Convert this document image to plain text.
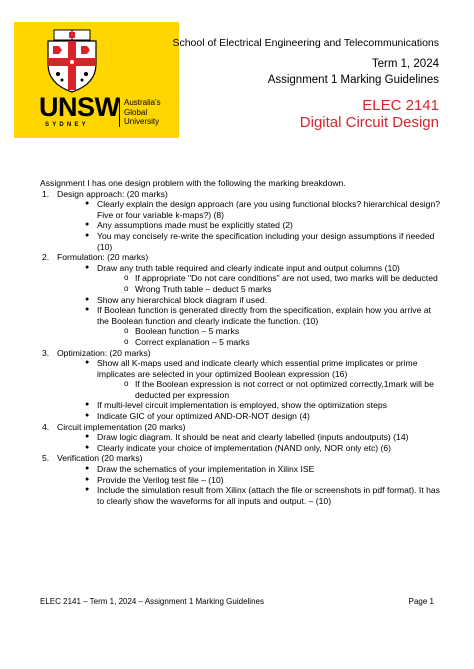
UNSW
SYDNEY
Australia's
Global
University
School of Electrical Engineering and Telecommunications
Term 1, 2024
Assignment 1 Marking Guidelines
ELEC 2141
Digital Circuit Design
Assignment I has one design problem with the following the marking breakdown.
1. Design approach: (20 marks)
● Clearly explain the design approach (are you using functional blocks? hierarchical design? Five or four variable k-maps?) (8)
● Any assumptions made must be explicitly stated (2)
● You may concisely re-write the specification including your design assumptions if needed (10)
2. Formulation: (20 marks)
● Draw any truth table required and clearly indicate input and output columns (10)
o If appropriate "Do not care conditions" are not used, two marks will be deducted
o Wrong Truth table – deduct 5 marks
● Show any hierarchical block diagram if used.
● If Boolean function is generated directly from the specification, explain how you arrive at the Boolean function and clearly indicate the function. (10)
o Boolean function – 5 marks
o Correct explanation – 5 marks
3. Optimization: (20 marks)
● Show all K-maps used and indicate clearly which essential prime implicates or prime implicates are selected in your optimized Boolean expression (16)
o If the Boolean expression is not correct or not optimized correctly,1mark will be deducted per expression
● If multi-level circuit implementation is employed, show the optimization steps
● Indicate GIC of your optimized AND-OR-NOT design (4)
4. Circuit implementation (20 marks)
● Draw logic diagram. It should be neat and clearly labelled (inputs andoutputs) (14)
● Clearly indicate your choice of implementation (NAND only, NOR only etc) (6)
5. Verification (20 marks)
● Draw the schematics of your implementation in Xilinx ISE
● Provide the Verilog test file – (10)
● Include the simulation result from Xilinx (attach the file or screenshots in pdf format). It has to clearly show the waveforms for all inputs and output. – (10)
ELEC 2141 – Term 1, 2024 – Assignment 1 Marking Guidelines	Page 1
